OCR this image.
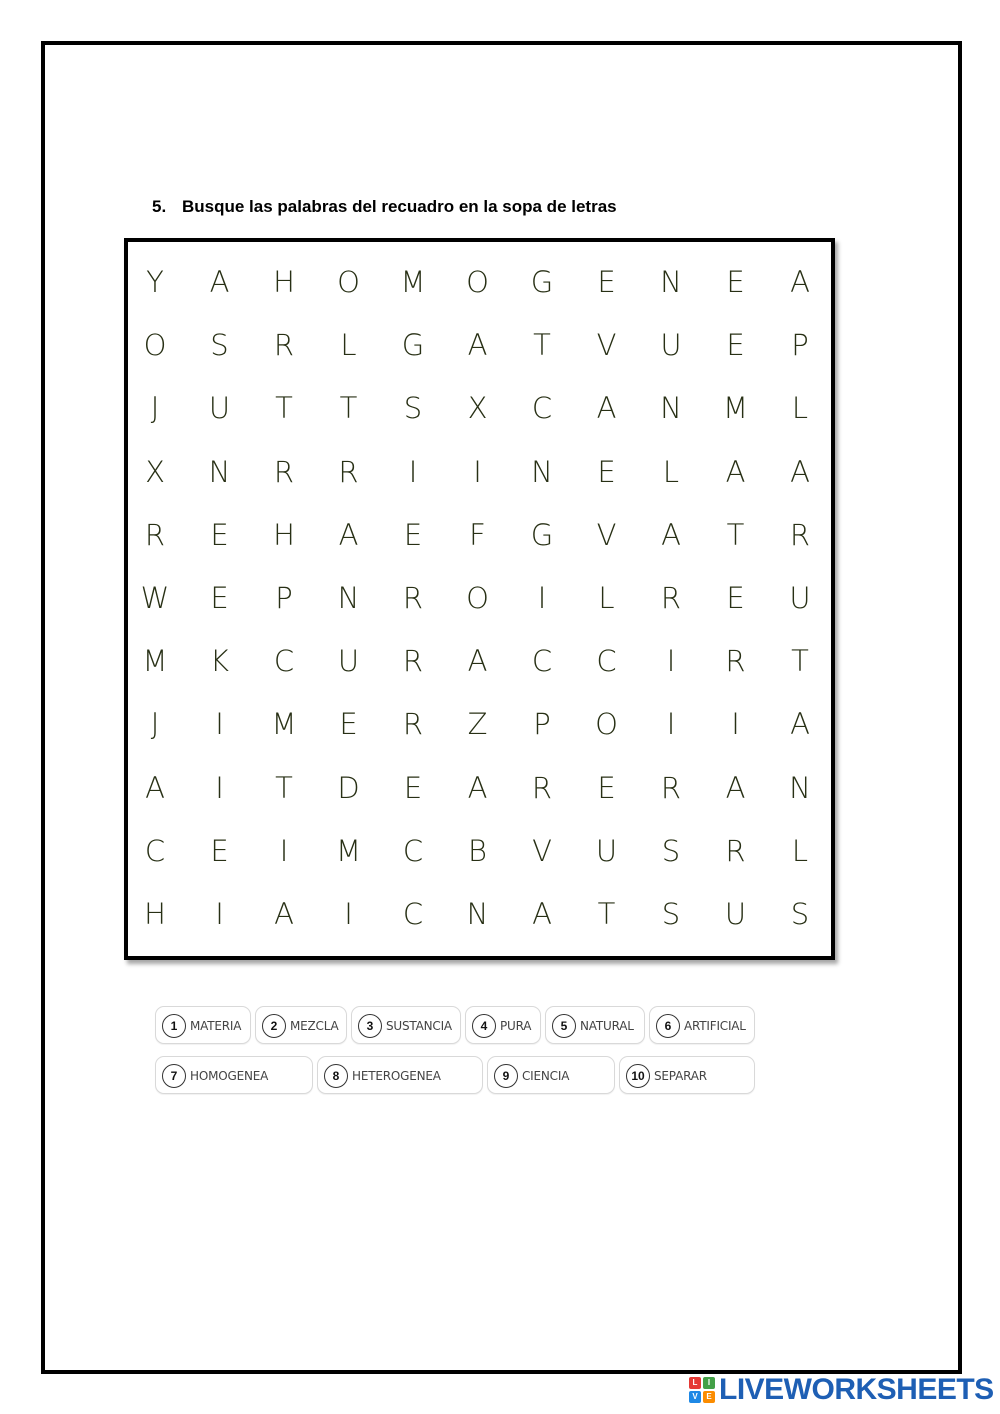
5. Busque las palabras del recuadro en la sopa de letras
Y	A	H	O	M	O	G	E	N	E	A
O	S	R	L	G	A	T	V	U	E	P
J	U	T	T	S	X	C	A	N	M	L
X	N	R	R	I	I	N	E	L	A	A
R	E	H	A	E	F	G	V	A	T	R
W	E	P	N	R	O	I	L	R	E	U
M	K	C	U	R	A	C	C	I	R	T
J	I	M	E	R	Z	P	O	I	I	A
A	I	T	D	E	A	R	E	R	A	N
C	E	I	M	C	B	V	U	S	R	L
H	I	A	I	C	N	A	T	S	U	S
1	MATERIA	2	MEZCLA	3	SUSTANCIA	4	PURA	5	NATURAL	6	ARTIFICIAL
7	HOMOGENEA	8	HETEROGENEA	9	CIENCIA	10 SEPARAR
L	I
V	E LIVEWORKSHEETS
